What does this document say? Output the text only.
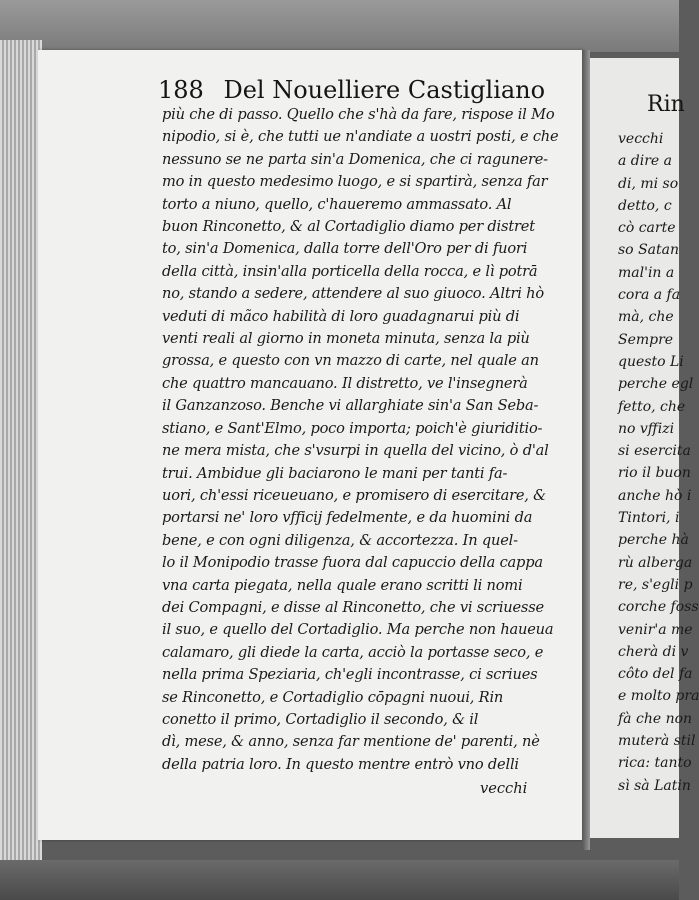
188 Del Nouelliere Castigliano
più che di passo. Quello che s'hà da fare, rispose il Mo
nipodio, si è, che tutti ue n'andiate a uostri posti, e che
nessuno se ne parta sin'a Domenica, che ci ragunere-
mo in questo medesimo luogo, e si spartirà, senza far
torto a niuno, quello, c'haueremo ammassato. Al
buon Rinconetto, & al Cortadiglio diamo per distret
to, sin'a Domenica, dalla torre dell'Oro per di fuori
della città, insin'alla porticella della rocca, e lì potrā
no, stando a sedere, attendere al suo giuoco. Altri hò
veduti di mãco habilità di loro guadagnarui più di
venti reali al giorno in moneta minuta, senza la più
grossa, e questo con vn mazzo di carte, nel quale an
che quattro mancauano. Il distretto, ve l'insegnerà
il Ganzanzoso. Benche vi allarghiate sin'a San Seba-
stiano, e Sant'Elmo, poco importa; poich'è giuriditio-
ne mera mista, che s'vsurpi in quella del vicino, ò d'al
trui. Ambidue gli baciarono le mani per tanti fa-
uori, ch'essi riceueuano, e promisero di esercitare, &
portarsi ne' loro vfficij fedelmente, e da huomini da
bene, e con ogni diligenza, & accortezza. In quel-
lo il Monipodio trasse fuora dal capuccio della cappa
vna carta piegata, nella quale erano scritti li nomi
dei Compagni, e disse al Rinconetto, che vi scriuesse
il suo, e quello del Cortadiglio. Ma perche non haueua
calamaro, gli diede la carta, acciò la portasse seco, e
nella prima Speziaria, ch'egli incontrasse, ci scriues
se Rinconetto, e Cortadiglio cōpagni nuoui, Rin
conetto il primo, Cortadiglio il secondo, & il
dì, mese, & anno, senza far mentione de' parenti, nè
della patria loro. In questo mentre entrò vno delli
vecchi
Rin
vecchi
a dire a
di, mi so
detto, c
cò carte
so Satan
mal'in a
cora a fa
mà, che
Sempre
questo Li
perche egl
fetto, che
no vffizi
si esercita
rio il buon
anche hò i
Tintori, i
perche hà
rù alberga
re, s'egli p
corche foss
venir'a me
cherà di v
côto del fa
e molto pra
fà che non
muterà stil
rica: tanto
sì sà Latin
